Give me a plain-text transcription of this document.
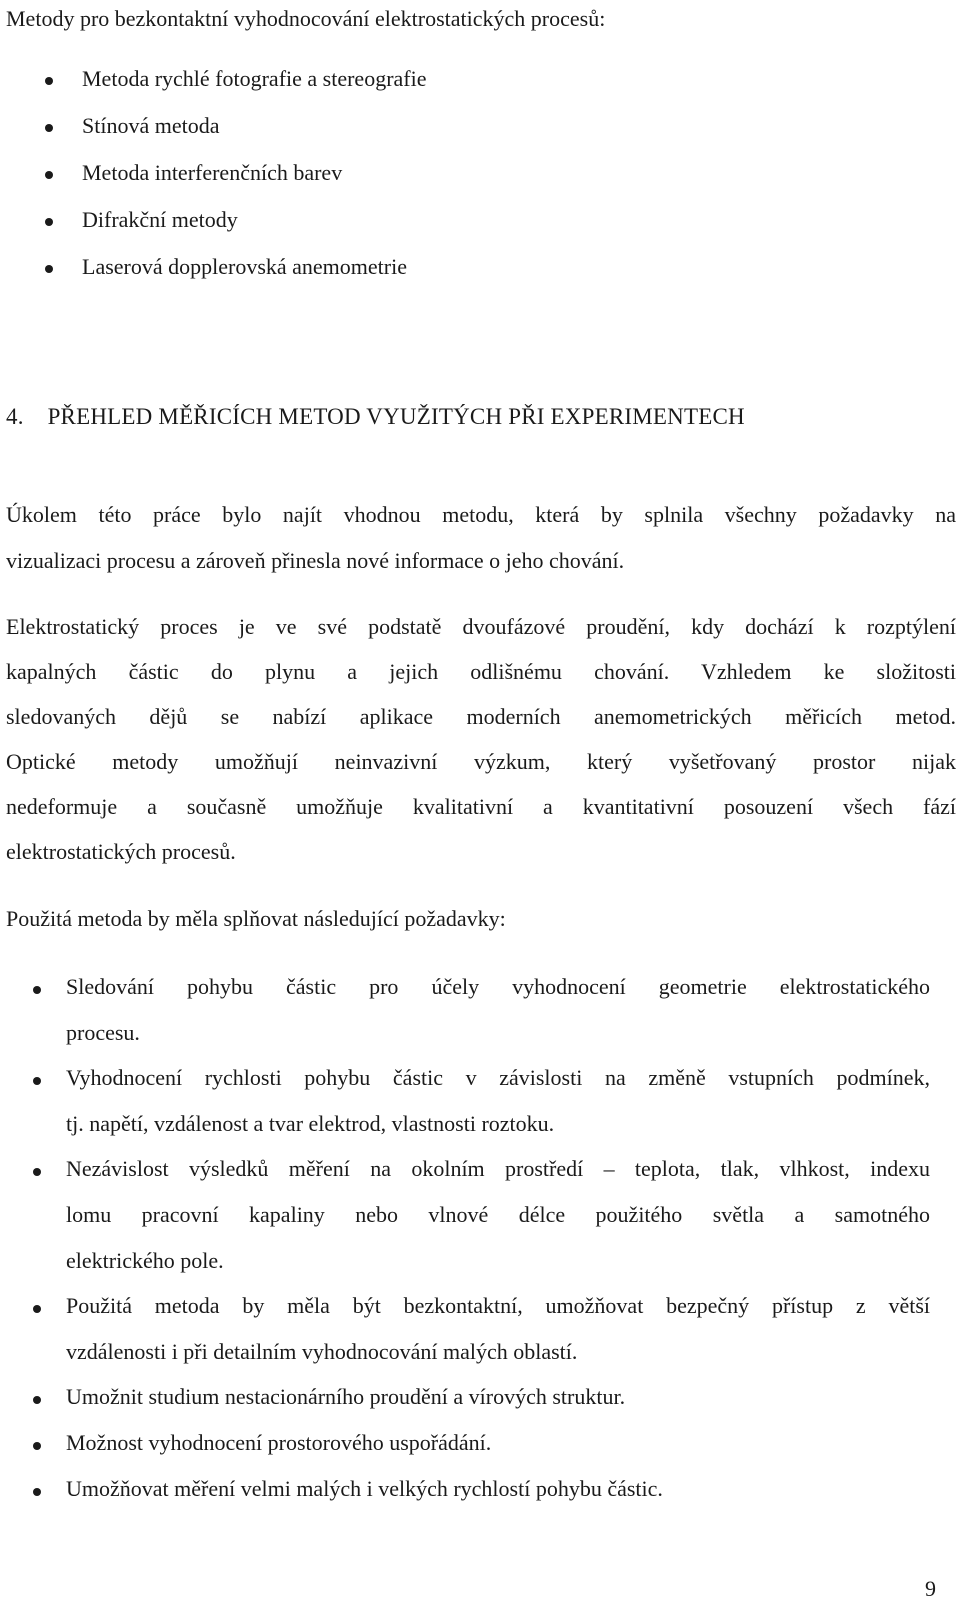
Metody pro bezkontaktní vyhodnocování elektrostatických procesů:
Metoda rychlé fotografie a stereografie
Stínová metoda
Metoda interferenčních barev
Difrakční metody
Laserová dopplerovská anemometrie
4. PŘEHLED MĚŘICÍCH METOD VYUŽITÝCH PŘI EXPERIMENTECH
Úkolem této práce bylo najít vhodnou metodu, která by splnila všechny požadavky na
vizualizaci procesu a zároveň přinesla nové informace o jeho chování.
Elektrostatický proces je ve své podstatě dvoufázové proudění, kdy dochází k rozptýlení
kapalných částic do plynu a jejich odlišnému chování. Vzhledem ke složitosti
sledovaných dějů se nabízí aplikace moderních anemometrických měřicích metod.
Optické metody umožňují neinvazivní výzkum, který vyšetřovaný prostor nijak
nedeformuje a současně umožňuje kvalitativní a kvantitativní posouzení všech fází
elektrostatických procesů.
Použitá metoda by měla splňovat následující požadavky:
Sledování pohybu částic pro účely vyhodnocení geometrie elektrostatického
procesu.
Vyhodnocení rychlosti pohybu částic v závislosti na změně vstupních podmínek,
tj. napětí, vzdálenost a tvar elektrod, vlastnosti roztoku.
Nezávislost výsledků měření na okolním prostředí – teplota, tlak, vlhkost, indexu
lomu pracovní kapaliny nebo vlnové délce použitého světla a samotného
elektrického pole.
Použitá metoda by měla být bezkontaktní, umožňovat bezpečný přístup z větší
vzdálenosti i při detailním vyhodnocování malých oblastí.
Umožnit studium nestacionárního proudění a vírových struktur.
Možnost vyhodnocení prostorového uspořádání.
Umožňovat měření velmi malých i velkých rychlostí pohybu částic.
9
